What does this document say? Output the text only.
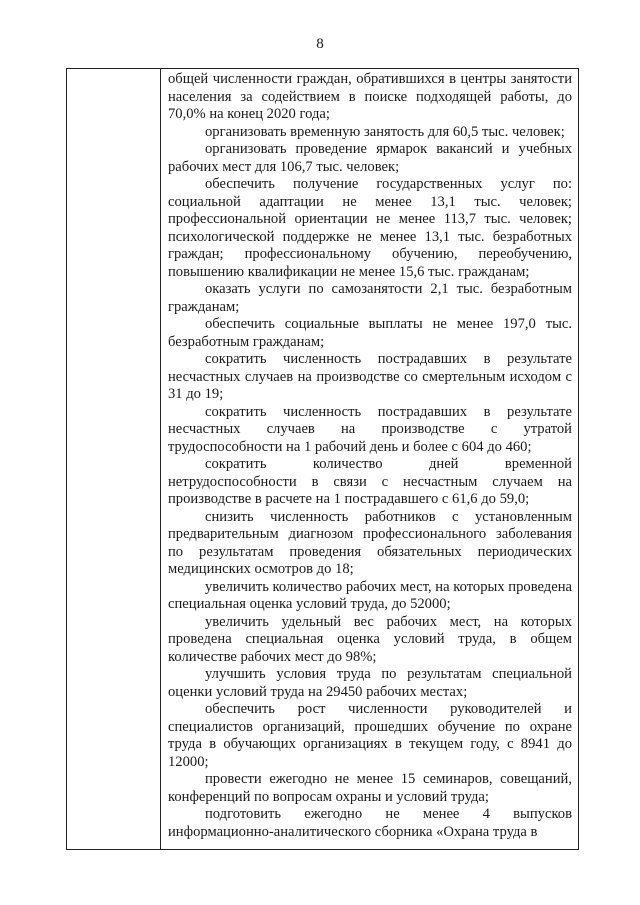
8

общей численности граждан, обратившихся в центры занятости населения за содействием в поиске подходящей работы, до 70,0% на конец 2020 года;

организовать временную занятость для 60,5 тыс. человек;

организовать проведение ярмарок вакансий и учебных рабочих мест для 106,7 тыс. человек;

обеспечить получение государственных услуг по: социальной адаптации не менее 13,1 тыс. человек; профессиональной ориентации не менее 113,7 тыс. человек; психологической поддержке не менее 13,1 тыс. безработных граждан; профессиональному обучению, переобучению, повышению квалификации не менее 15,6 тыс. гражданам;

оказать услуги по самозанятости 2,1 тыс. безработным гражданам;

обеспечить социальные выплаты не менее 197,0 тыс. безработным гражданам;

сократить численность пострадавших в результате несчастных случаев на производстве со смертельным исходом с 31 до 19;

сократить численность пострадавших в результате несчастных случаев на производстве с утратой трудоспособности на 1 рабочий день и более с 604 до 460;

сократить количество дней временной нетрудоспособности в связи с несчастным случаем на производстве в расчете на 1 пострадавшего с 61,6 до 59,0;

снизить численность работников с установленным предварительным диагнозом профессионального заболевания по результатам проведения обязательных периодических медицинских осмотров до 18;

увеличить количество рабочих мест, на которых проведена специальная оценка условий труда, до 52000;

увеличить удельный вес рабочих мест, на которых проведена специальная оценка условий труда, в общем количестве рабочих мест до 98%;

улучшить условия труда по результатам специальной оценки условий труда на 29450 рабочих местах;

обеспечить рост численности руководителей и специалистов организаций, прошедших обучение по охране труда в обучающих организациях в текущем году, с 8941 до 12000;

провести ежегодно не менее 15 семинаров, совещаний, конференций по вопросам охраны и условий труда;

подготовить ежегодно не менее 4 выпусков информационно-аналитического сборника «Охрана труда в
